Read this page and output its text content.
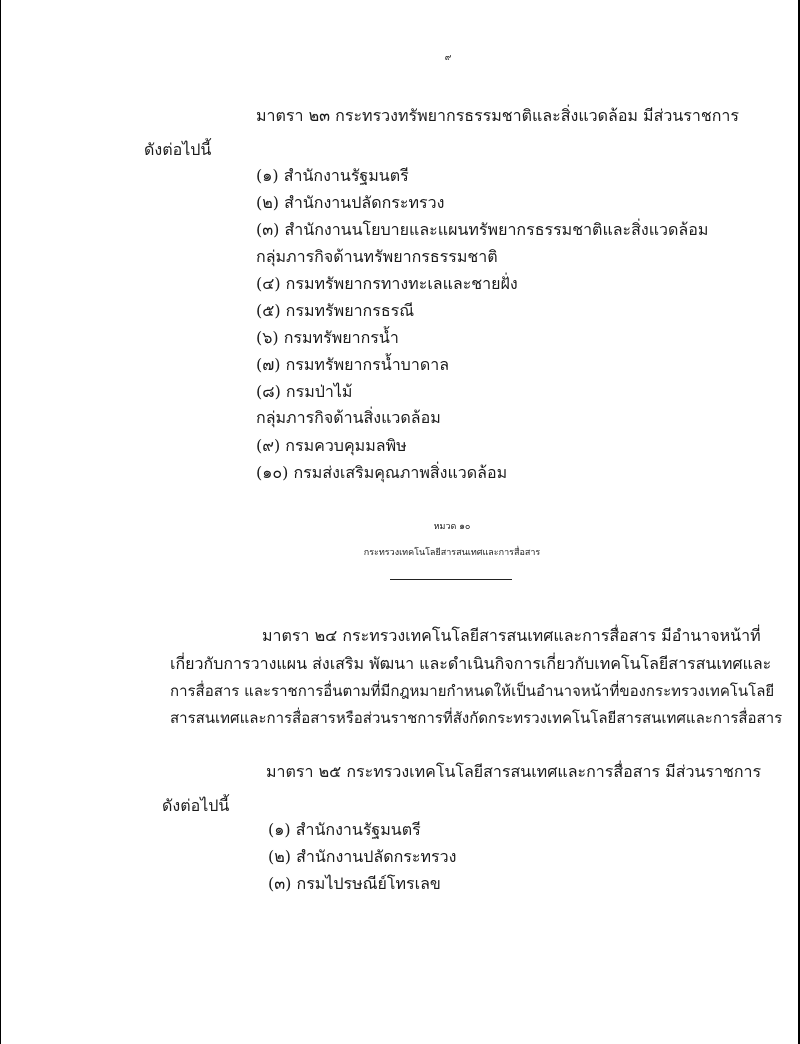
๙
มาตรา ๒๓ กระทรวงทรัพยากรธรรมชาติและสิ่งแวดล้อม มีส่วนราชการ
ดังต่อไปนี้
(๑) สำนักงานรัฐมนตรี
(๒) สำนักงานปลัดกระทรวง
(๓) สำนักงานนโยบายและแผนทรัพยากรธรรมชาติและสิ่งแวดล้อม
กลุ่มภารกิจด้านทรัพยากรธรรมชาติ
(๔) กรมทรัพยากรทางทะเลและชายฝั่ง
(๕) กรมทรัพยากรธรณี
(๖) กรมทรัพยากรน้ำ
(๗) กรมทรัพยากรน้ำบาดาล
(๘) กรมป่าไม้
กลุ่มภารกิจด้านสิ่งแวดล้อม
(๙) กรมควบคุมมลพิษ
(๑๐) กรมส่งเสริมคุณภาพสิ่งแวดล้อม
หมวด ๑๐
กระทรวงเทคโนโลยีสารสนเทศและการสื่อสาร
มาตรา ๒๔ กระทรวงเทคโนโลยีสารสนเทศและการสื่อสาร มีอำนาจหน้าที่
เกี่ยวกับการวางแผน ส่งเสริม พัฒนา และดำเนินกิจการเกี่ยวกับเทคโนโลยีสารสนเทศและ
การสื่อสาร และราชการอื่นตามที่มีกฎหมายกำหนดให้เป็นอำนาจหน้าที่ของกระทรวงเทคโนโลยี
สารสนเทศและการสื่อสารหรือส่วนราชการที่สังกัดกระทรวงเทคโนโลยีสารสนเทศและการสื่อสาร
มาตรา ๒๕ กระทรวงเทคโนโลยีสารสนเทศและการสื่อสาร มีส่วนราชการ
ดังต่อไปนี้
(๑) สำนักงานรัฐมนตรี
(๒) สำนักงานปลัดกระทรวง
(๓) กรมไปรษณีย์โทรเลข
